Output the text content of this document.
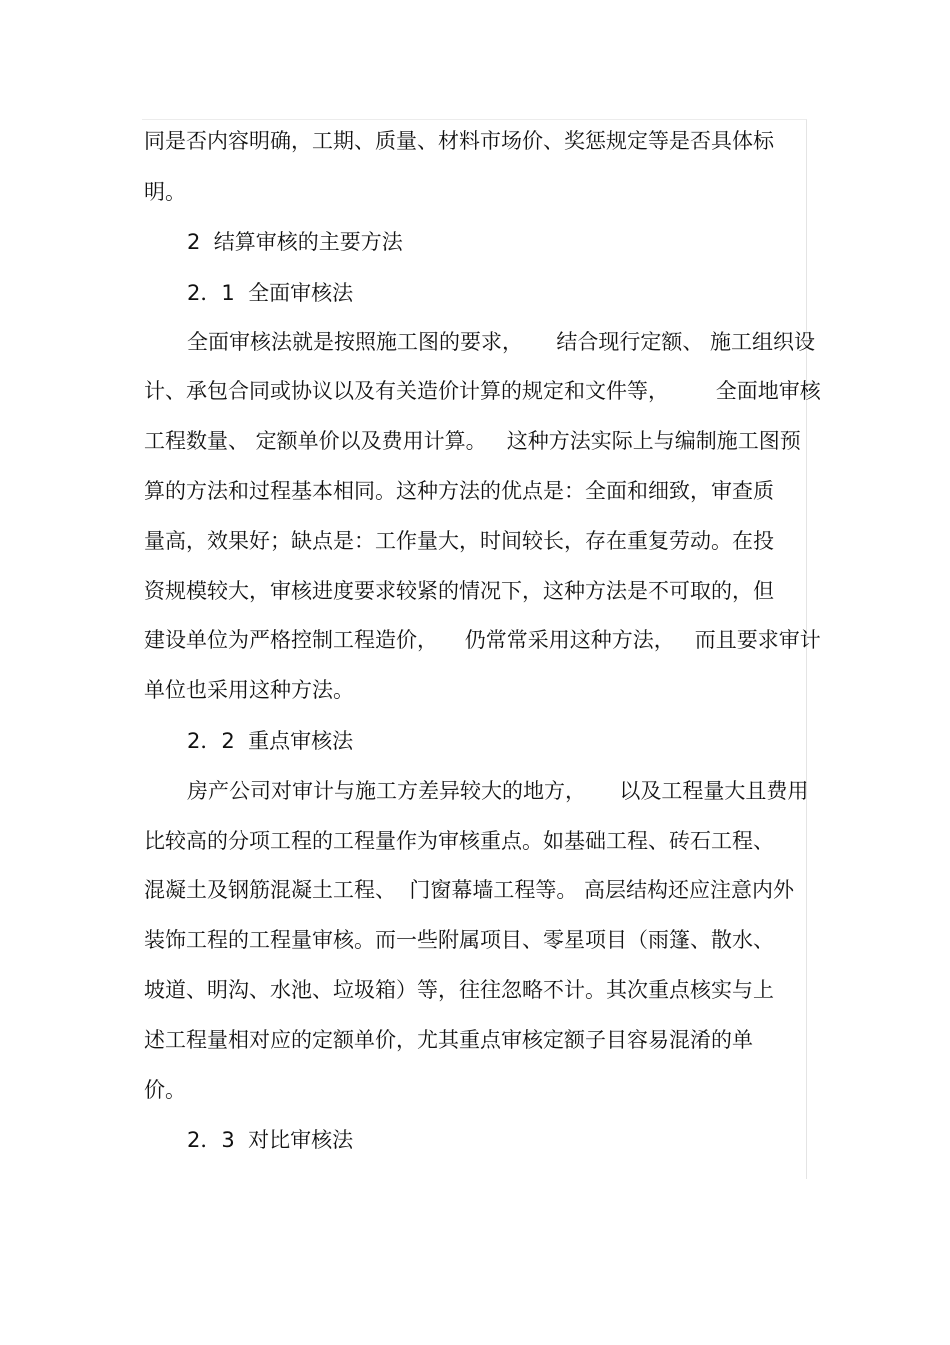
同是否内容明确，工期、质量、材料市场价、奖惩规定等是否具体标
明。
2  结算审核的主要方法
2．1  全面审核法
全面审核法就是按照施工图的要求，     结合现行定额、 施工组织设
计、承包合同或协议以及有关造价计算的规定和文件等，       全面地审核
工程数量、 定额单价以及费用计算。   这种方法实际上与编制施工图预
算的方法和过程基本相同。这种方法的优点是：全面和细致，审查质
量高，效果好；缺点是：工作量大，时间较长，存在重复劳动。在投
资规模较大，审核进度要求较紧的情况下，这种方法是不可取的，但
建设单位为严格控制工程造价，    仍常常采用这种方法，   而且要求审计
单位也采用这种方法。
2．2  重点审核法
房产公司对审计与施工方差异较大的地方，     以及工程量大且费用
比较高的分项工程的工程量作为审核重点。如基础工程、砖石工程、
混凝土及钢筋混凝土工程、  门窗幕墙工程等。 高层结构还应注意内外
装饰工程的工程量审核。而一些附属项目、零星项目（雨篷、散水、
坡道、明沟、水池、垃圾箱）等，往往忽略不计。其次重点核实与上
述工程量相对应的定额单价，尤其重点审核定额子目容易混淆的单
价。
2．3  对比审核法
